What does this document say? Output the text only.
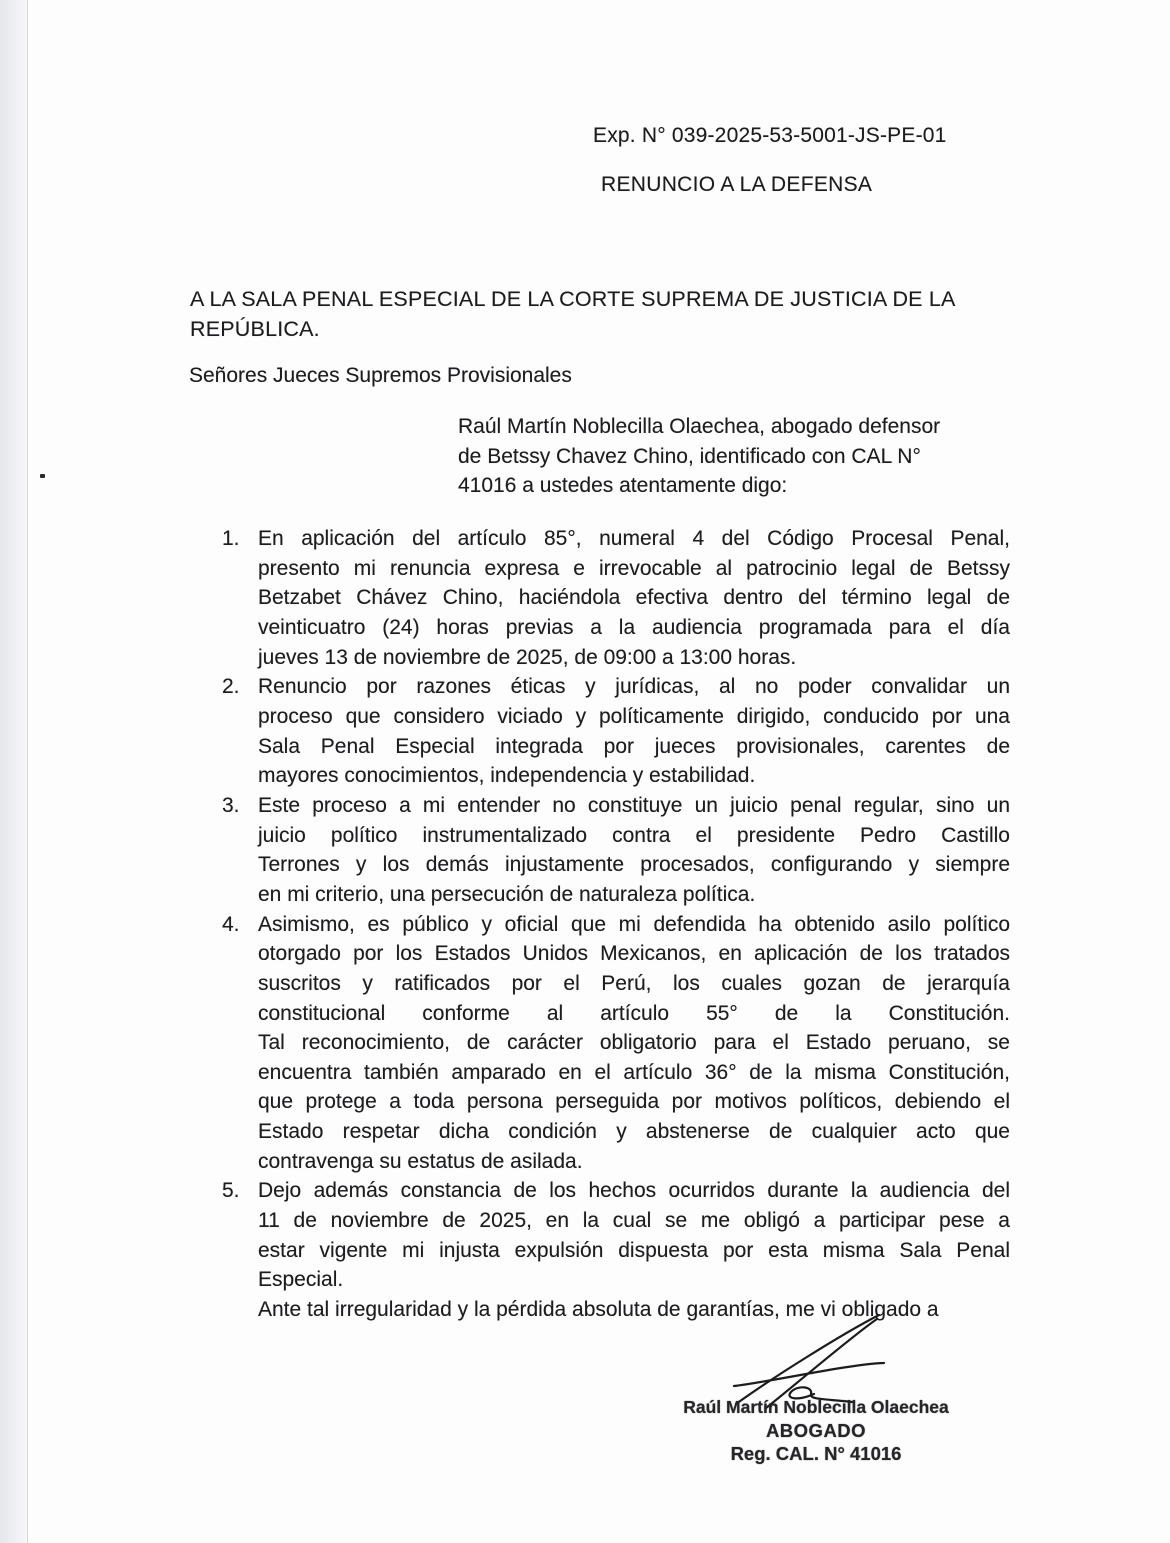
Exp. N° 039-2025-53-5001-JS-PE-01
RENUNCIO A LA DEFENSA
A LA SALA PENAL ESPECIAL DE LA CORTE SUPREMA DE JUSTICIA DE LA
REPÚBLICA.
Señores Jueces Supremos Provisionales
Raúl Martín Noblecilla Olaechea, abogado defensor
de Betssy Chavez Chino, identificado con CAL N°
41016 a ustedes atentamente digo:
1. En aplicación del artículo 85°, numeral 4 del Código Procesal Penal,
presento mi renuncia expresa e irrevocable al patrocinio legal de Betssy
Betzabet Chávez Chino, haciéndola efectiva dentro del término legal de
veinticuatro (24) horas previas a la audiencia programada para el día
jueves 13 de noviembre de 2025, de 09:00 a 13:00 horas.
2. Renuncio por razones éticas y jurídicas, al no poder convalidar un
proceso que considero viciado y políticamente dirigido, conducido por una
Sala Penal Especial integrada por jueces provisionales, carentes de
mayores conocimientos, independencia y estabilidad.
3. Este proceso a mi entender no constituye un juicio penal regular, sino un
juicio político instrumentalizado contra el presidente Pedro Castillo
Terrones y los demás injustamente procesados, configurando y siempre
en mi criterio, una persecución de naturaleza política.
4. Asimismo, es público y oficial que mi defendida ha obtenido asilo político
otorgado por los Estados Unidos Mexicanos, en aplicación de los tratados
suscritos y ratificados por el Perú, los cuales gozan de jerarquía
constitucional conforme al artículo 55° de la Constitución.
Tal reconocimiento, de carácter obligatorio para el Estado peruano, se
encuentra también amparado en el artículo 36° de la misma Constitución,
que protege a toda persona perseguida por motivos políticos, debiendo el
Estado respetar dicha condición y abstenerse de cualquier acto que
contravenga su estatus de asilada.
5. Dejo además constancia de los hechos ocurridos durante la audiencia del
11 de noviembre de 2025, en la cual se me obligó a participar pese a
estar vigente mi injusta expulsión dispuesta por esta misma Sala Penal
Especial.
Ante tal irregularidad y la pérdida absoluta de garantías, me vi obligado a
Raúl Martín Noblecilla Olaechea
ABOGADO
Reg. CAL. N° 41016
